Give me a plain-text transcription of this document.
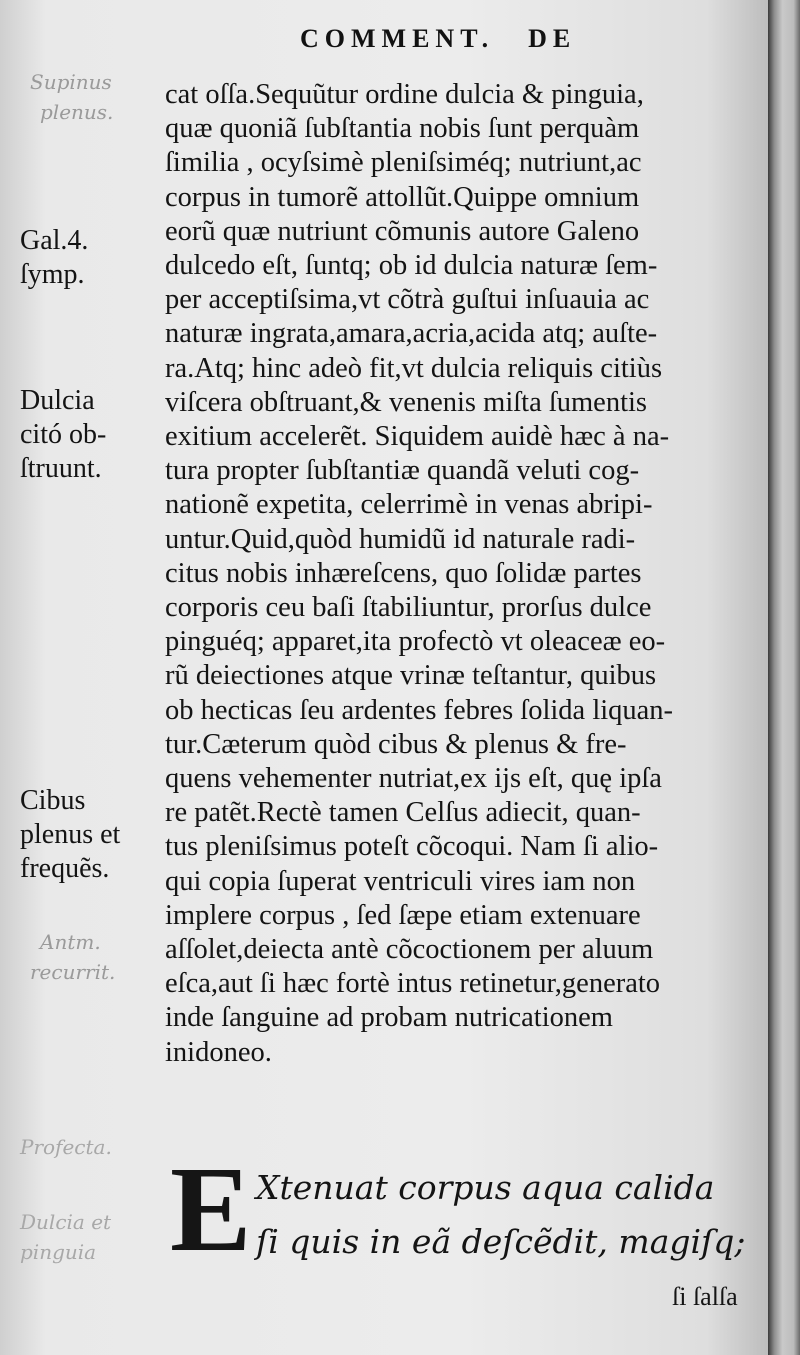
Supinus
plenus.
Antm.
recurrit.
Profecta.
Dulcia et
pinguia
COMMENT. DE
Gal.4.
ſymp.
Dulcia
citó ob-
ſtruunt.
Cibus
plenus et
frequẽs.
cat oſſa.Sequũtur ordine dulcia & pinguia,
quæ quoniã ſubſtantia nobis ſunt perquàm
ſimilia , ocyſsimè pleniſsiméq; nutriunt,ac
corpus in tumorẽ attollũt.Quippe omnium
eorũ quæ nutriunt cõmunis autore Galeno
dulcedo eſt, ſuntq; ob id dulcia naturæ ſem-
per acceptiſsima,vt cõtrà guſtui inſuauia ac
naturæ ingrata,amara,acria,acida atq; auſte-
ra.Atq; hinc adeò fit,vt dulcia reliquis citiùs
viſcera obſtruant,& venenis miſta ſumentis
exitium accelerẽt. Siquidem auidè hæc à na-
tura propter ſubſtantiæ quandã veluti cog-
nationẽ expetita, celerrimè in venas abripi-
untur.Quid,quòd humidũ id naturale radi-
citus nobis inhæreſcens, quo ſolidæ partes
corporis ceu baſi ſtabiliuntur, prorſus dulce
pinguéq; apparet,ita profectò vt oleaceæ eo-
rũ deiectiones atque vrinæ teſtantur, quibus
ob hecticas ſeu ardentes febres ſolida liquan-
tur.Cæterum quòd cibus & plenus & fre-
quens vehementer nutriat,ex ĳs eſt, quę ipſa
re patẽt.Rectè tamen Celſus adiecit, quan-
tus pleniſsimus poteſt cõcoqui. Nam ſi alio-
qui copia ſuperat ventriculi vires iam non
implere corpus , ſed ſæpe etiam extenuare
aſſolet,deiecta antè cõcoctionem per aluum
eſca,aut ſi hæc fortè intus retinetur,generato
inde ſanguine ad probam nutricationem
inidoneo.
E Xtenuat corpus aqua calida
ſi quis in eã deſcẽdit, magiſq;
ſi ſalſa
